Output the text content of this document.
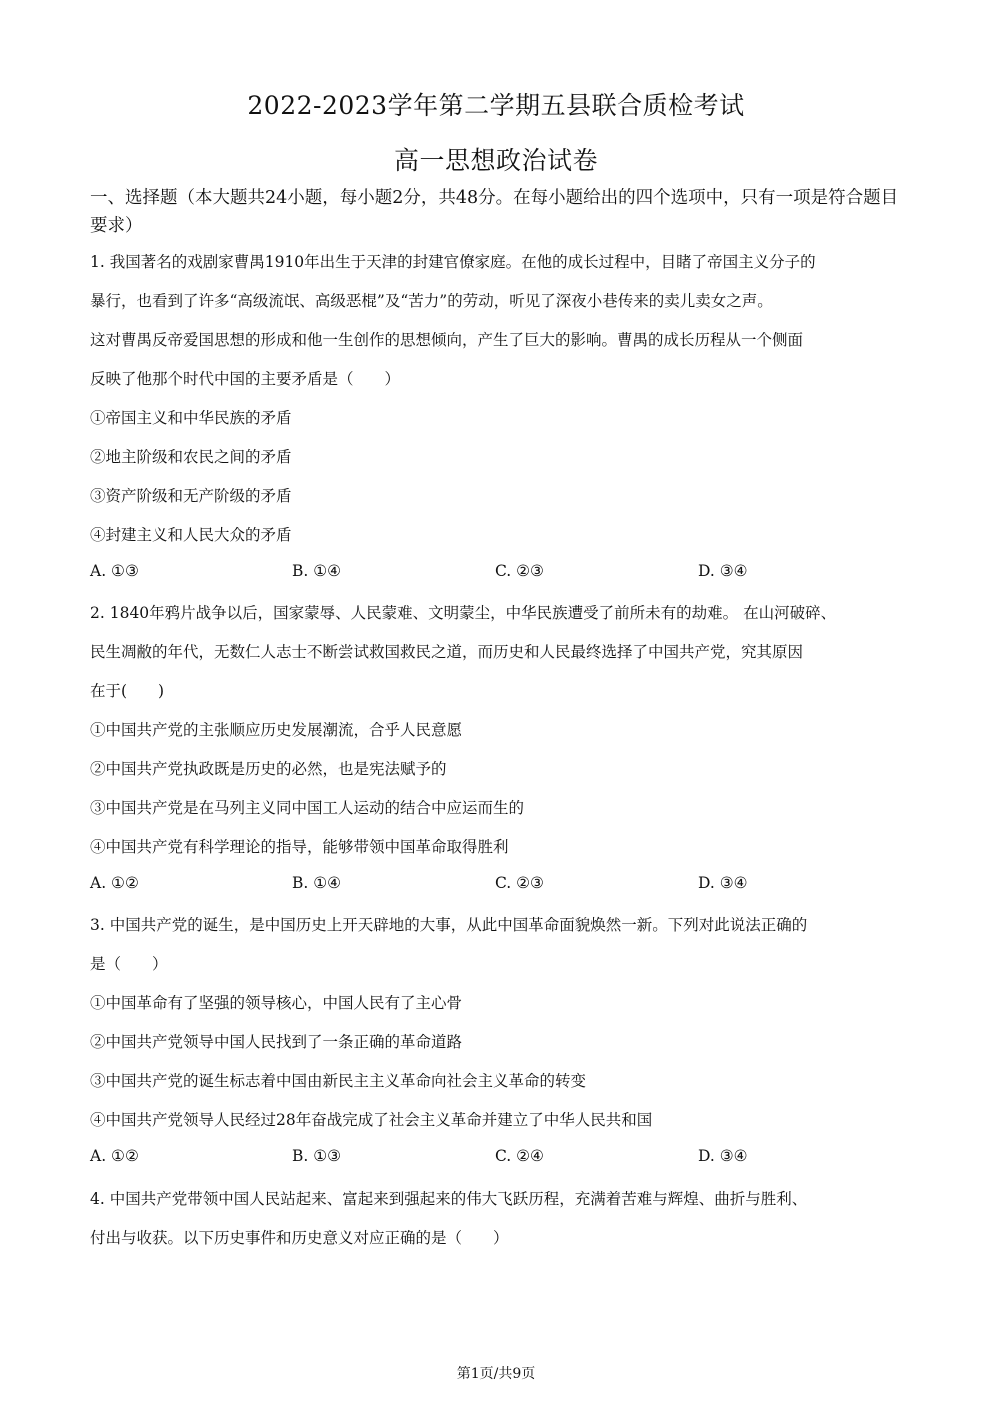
2022-2023学年第二学期五县联合质检考试
高一思想政治试卷
一、选择题（本大题共24小题，每小题2分，共48分。在每小题给出的四个选项中，只有一项是符合题目要求）
1. 我国著名的戏剧家曹禺1910年出生于天津的封建官僚家庭。在他的成长过程中，目睹了帝国主义分子的
暴行，也看到了许多“高级流氓、高级恶棍”及“苦力”的劳动，听见了深夜小巷传来的卖儿卖女之声。
这对曹禺反帝爱国思想的形成和他一生创作的思想倾向，产生了巨大的影响。曹禺的成长历程从一个侧面
反映了他那个时代中国的主要矛盾是（　　）
①帝国主义和中华民族的矛盾
②地主阶级和农民之间的矛盾
③资产阶级和无产阶级的矛盾
④封建主义和人民大众的矛盾
A. ①③	B. ①④	C. ②③	D. ③④
2. 1840年鸦片战争以后，国家蒙辱、人民蒙难、文明蒙尘，中华民族遭受了前所未有的劫难。 在山河破碎、
民生凋敝的年代，无数仁人志士不断尝试救国救民之道，而历史和人民最终选择了中国共产党，究其原因
在于(　　)
①中国共产党的主张顺应历史发展潮流，合乎人民意愿
②中国共产党执政既是历史的必然，也是宪法赋予的
③中国共产党是在马列主义同中国工人运动的结合中应运而生的
④中国共产党有科学理论的指导，能够带领中国革命取得胜利
A. ①②	B. ①④	C. ②③	D. ③④
3. 中国共产党的诞生，是中国历史上开天辟地的大事，从此中国革命面貌焕然一新。下列对此说法正确的
是（　　）
①中国革命有了坚强的领导核心，中国人民有了主心骨
②中国共产党领导中国人民找到了一条正确的革命道路
③中国共产党的诞生标志着中国由新民主主义革命向社会主义革命的转变
④中国共产党领导人民经过28年奋战完成了社会主义革命并建立了中华人民共和国
A. ①②	B. ①③	C. ②④	D. ③④
4. 中国共产党带领中国人民站起来、富起来到强起来的伟大飞跃历程，充满着苦难与辉煌、曲折与胜利、
付出与收获。以下历史事件和历史意义对应正确的是（　　）
第1页/共9页
